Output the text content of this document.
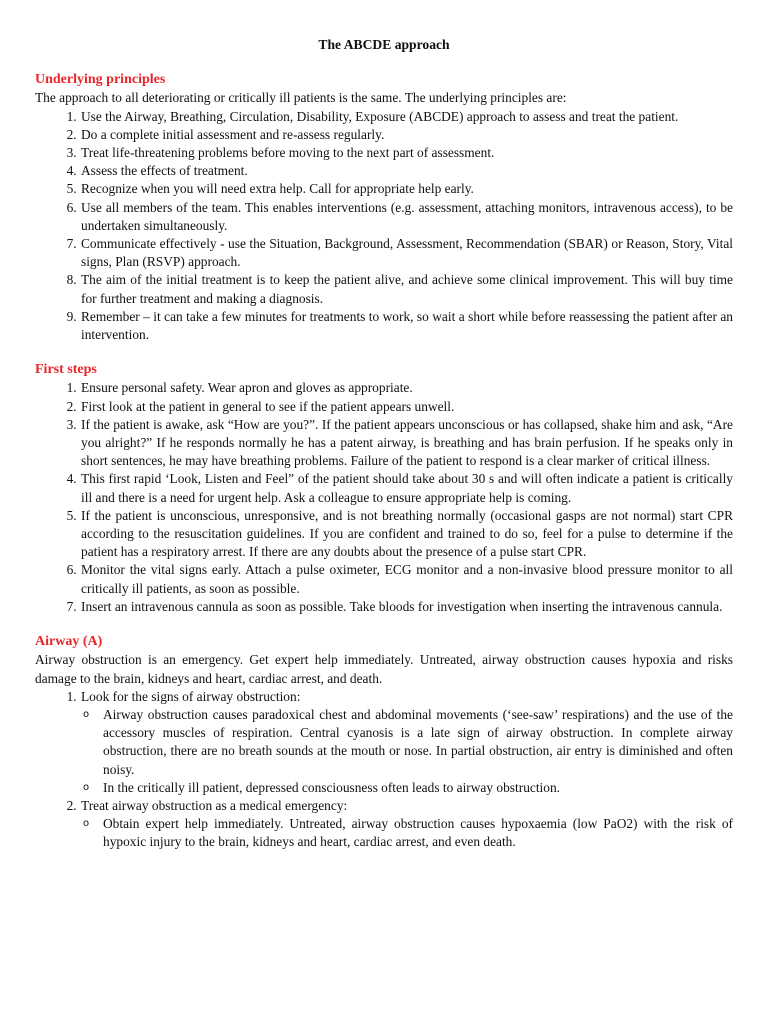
The ABCDE approach
Underlying principles

The approach to all deteriorating or critically ill patients is the same. The underlying principles are:

1. Use the Airway, Breathing, Circulation, Disability, Exposure (ABCDE) approach to assess and treat the patient.
2. Do a complete initial assessment and re-assess regularly.
3. Treat life-threatening problems before moving to the next part of assessment.
4. Assess the effects of treatment.
5. Recognize when you will need extra help. Call for appropriate help early.
6. Use all members of the team. This enables interventions (e.g. assessment, attaching monitors, intravenous access), to be undertaken simultaneously.
7. Communicate effectively - use the Situation, Background, Assessment, Recommendation (SBAR) or Reason, Story, Vital signs, Plan (RSVP) approach.
8. The aim of the initial treatment is to keep the patient alive, and achieve some clinical improvement. This will buy time for further treatment and making a diagnosis.
9. Remember – it can take a few minutes for treatments to work, so wait a short while before reassessing the patient after an intervention.
First steps
1. Ensure personal safety. Wear apron and gloves as appropriate.
2. First look at the patient in general to see if the patient appears unwell.
3. If the patient is awake, ask “How are you?”. If the patient appears unconscious or has collapsed, shake him and ask, “Are you alright?” If he responds normally he has a patent airway, is breathing and has brain perfusion. If he speaks only in short sentences, he may have breathing problems. Failure of the patient to respond is a clear marker of critical illness.
4. This first rapid ‘Look, Listen and Feel” of the patient should take about 30 s and will often indicate a patient is critically ill and there is a need for urgent help. Ask a colleague to ensure appropriate help is coming.
5. If the patient is unconscious, unresponsive, and is not breathing normally (occasional gasps are not normal) start CPR according to the resuscitation guidelines. If you are confident and trained to do so, feel for a pulse to determine if the patient has a respiratory arrest. If there are any doubts about the presence of a pulse start CPR.
6. Monitor the vital signs early. Attach a pulse oximeter, ECG monitor and a non-invasive blood pressure monitor to all critically ill patients, as soon as possible.
7. Insert an intravenous cannula as soon as possible. Take bloods for investigation when inserting the intravenous cannula.
Airway (A)

Airway obstruction is an emergency. Get expert help immediately. Untreated, airway obstruction causes hypoxia and risks damage to the brain, kidneys and heart, cardiac arrest, and death.

1. Look for the signs of airway obstruction:
o Airway obstruction causes paradoxical chest and abdominal movements (‘see-saw’ respirations) and the use of the accessory muscles of respiration. Central cyanosis is a late sign of airway obstruction. In complete airway obstruction, there are no breath sounds at the mouth or nose. In partial obstruction, air entry is diminished and often noisy.
o In the critically ill patient, depressed consciousness often leads to airway obstruction.
2. Treat airway obstruction as a medical emergency:
o Obtain expert help immediately. Untreated, airway obstruction causes hypoxaemia (low PaO2) with the risk of hypoxic injury to the brain, kidneys and heart, cardiac arrest, and even death.
